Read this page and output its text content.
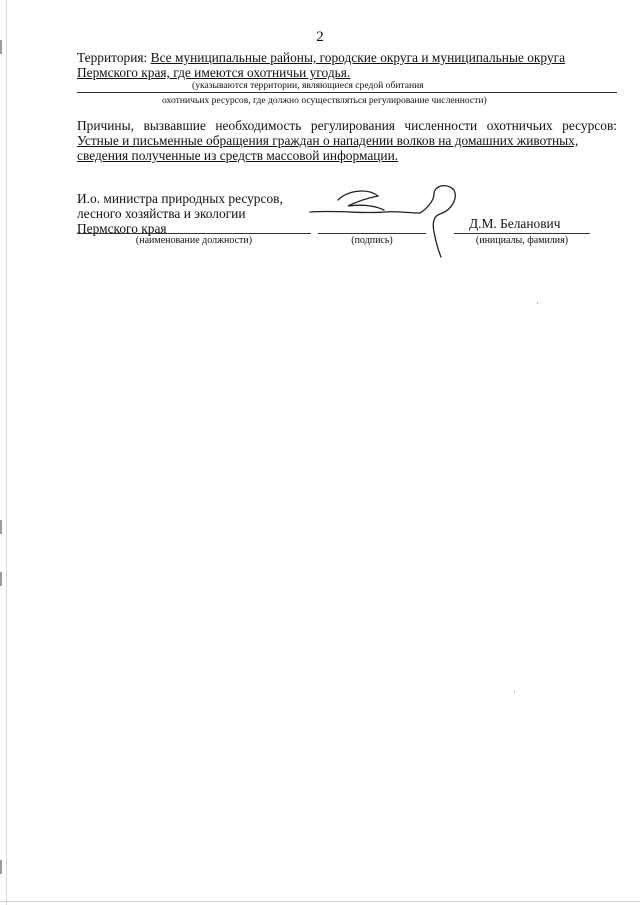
2
Территория: Все муниципальные районы, городские округа и муниципальные округа Пермского края, где имеются охотничьи угодья.
(указываются территории, являющиеся средой обитания
охотничьих ресурсов, где должно осуществляться регулирование численности)
Причины, вызвавшие необходимость регулирования численности охотничьих ресурсов:
Устные и письменные обращения граждан о нападении волков на домашних животных, сведения полученные из средств массовой информации.
И.о. министра природных ресурсов,
лесного хозяйства и экологии
Пермского края
(наименование должности)	(подпись)
Д.М. Беланович
(инициалы, фамилия)
